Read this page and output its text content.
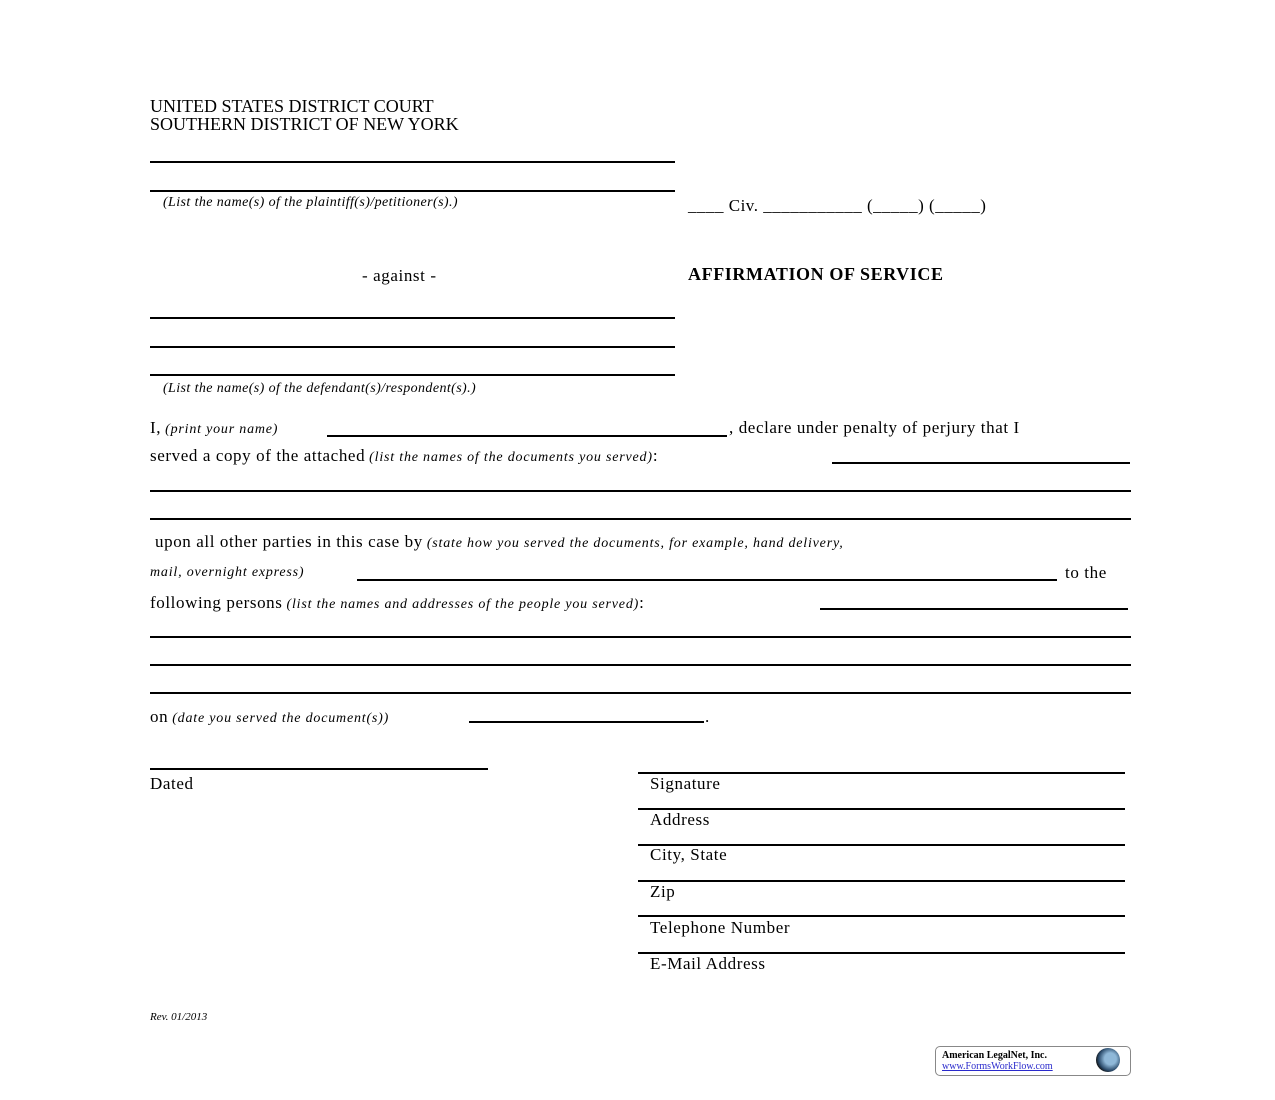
UNITED STATES DISTRICT COURT
SOUTHERN DISTRICT OF NEW YORK
(List the name(s) of the plaintiff(s)/petitioner(s).)	____ Civ. ___________ (_____) (_____)
- against -	AFFIRMATION OF SERVICE
(List the name(s) of the defendant(s)/respondent(s).)
I, (print your name)	, declare under penalty of perjury that I
served a copy of the attached (list the names of the documents you served):
upon all other parties in this case by (state how you served the documents, for example, hand delivery,
mail, overnight express)	to the
following persons (list the names and addresses of the people you served):
on (date you served the document(s))	.
Dated	Signature
Address
City, State
Zip
Telephone Number
E-Mail Address
Rev. 01/2013
American LegalNet, Inc.
www.FormsWorkFlow.com
